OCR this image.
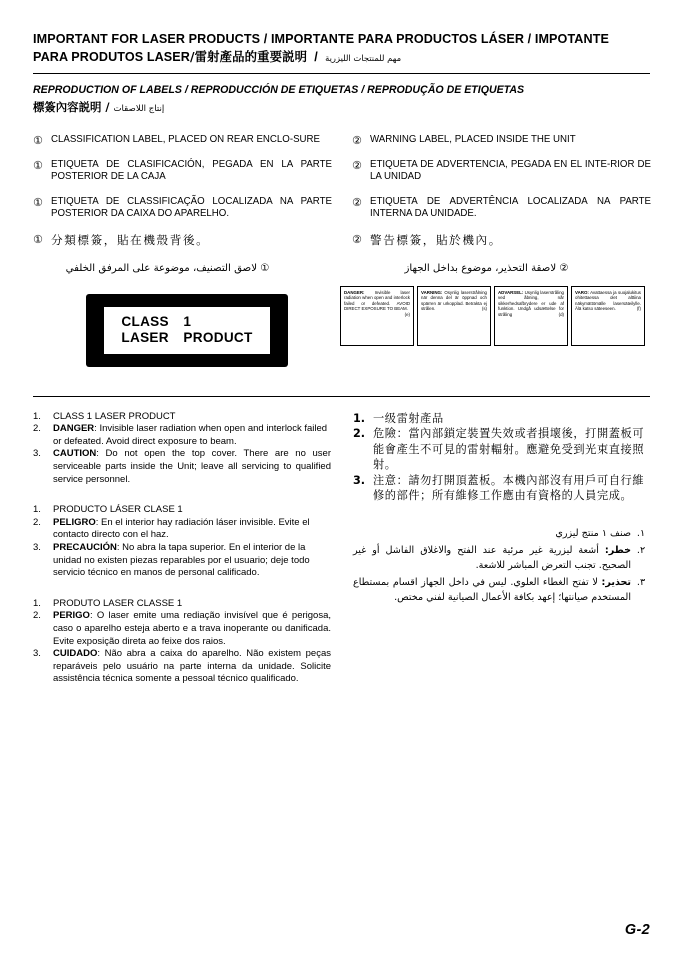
IMPORTANT FOR LASER PRODUCTS / IMPORTANTE PARA PRODUCTOS LÁSER / IMPOTANTE
PARA PRODUTOS LASER/雷射產品的重要説明 / مهم للمنتجات الليزرية
REPRODUCTION OF LABELS / REPRODUCCIÓN DE ETIQUETAS / REPRODUÇÃO DE ETIQUETAS
標簽內容説明 / إنتاج اللاصقات
① CLASSIFICATION LABEL, PLACED ON REAR ENCLO-SURE
① ETIQUETA DE CLASIFICACIÓN, PEGADA EN LA PARTE POSTERIOR DE LA CAJA
① ETIQUETA DE CLASSIFICAÇÃO LOCALIZADA NA PARTE POSTERIOR DA CAIXA DO APARELHO.
① 分類標簽，貼在機殼背後。
① لاصق التصنيف، موضوعة على المرفق الخلفي
② WARNING LABEL, PLACED INSIDE THE UNIT
② ETIQUETA DE ADVERTENCIA, PEGADA EN EL INTE-RIOR DE LA UNIDAD
② ETIQUETA DE ADVERTÊNCIA LOCALIZADA NA PARTE INTERNA DA UNIDADE.
② 警告標簽，貼於機內。
② لاصقة التحذير، موضوع بداخل الجهاز
CLASS	1
LASER	PRODUCT
DANGER: Invisible laser radiation when open and interlock failed or defeated. AVOID DIRECT EXPOSURE TO BEAM.
(e)
VARNING: Osynlig laserstrålning när denna del är öppnad och spärren är urkopplad. Betrakta ej strålen.	(s)
ADVARSEL: Usynlig laserstråling ved åbning, når sikkerhedsafbrydere er ude af funktion. Undgå udsættelse for stråling	(d)
VARO: Avattaessa ja suojalukitus ohitettaessa olet alttiina näkymättömälle lasersäteilylle. Älä katso säteeseen.	(f)
1.	CLASS 1 LASER PRODUCT
2.	DANGER: Invisible laser radiation when open and interlock failed or defeated. Avoid direct exposure to beam.
3.	CAUTION: Do not open the top cover. There are no user serviceable parts inside the Unit; leave all servicing to qualified service personnel.
1.	PRODUCTO LÁSER CLASE 1
2.	PELIGRO: En el interior hay radiación láser invisible. Evite el contacto directo con el haz.
3.	PRECAUCIÓN: No abra la tapa superior. En el interior de la unidad no existen piezas reparables por el usuario; deje todo servicio técnico en manos de personal calificado.
1.	PRODUTO LASER CLASSE 1
2.	PERIGO: O laser emite uma rediação invisível que é perigosa, caso o aparelho esteja aberto e a trava inoperante ou danificada. Evite exposição direta ao feixe dos raios.
3.	CUIDADO: Não abra a caixa do aparelho. Não existem peças reparáveis pelo usuário na parte interna da unidade. Solicite assistência técnica somente a pessoal técnico qualificado.
1. 一级雷射產品
2. 危險：當內部鎖定裝置失效或者損壞後，打開蓋板可能會產生不可見的雷射輻射。應避免受到光束直接照射。
3. 注意：請勿打開頂蓋板。本機內部沒有用戶可自行維修的部件；所有維修工作應由有資格的人員完成。
١.
صنف ١ منتج ليزري
٢.
خطر: أشعة ليزرية غير مرئية عند الفتح والاغلاق الفاشل أو غير الصحيح. تجنب التعرض المباشر للاشعة.
٣.
تحذير: لا تفتح الغطاء العلوي. ليس في داخل الجهاز اقسام بمستطاع المستخدم صيانتها؛ إعهد بكافة الأعمال الصيانية لفني مختص.
G-2
